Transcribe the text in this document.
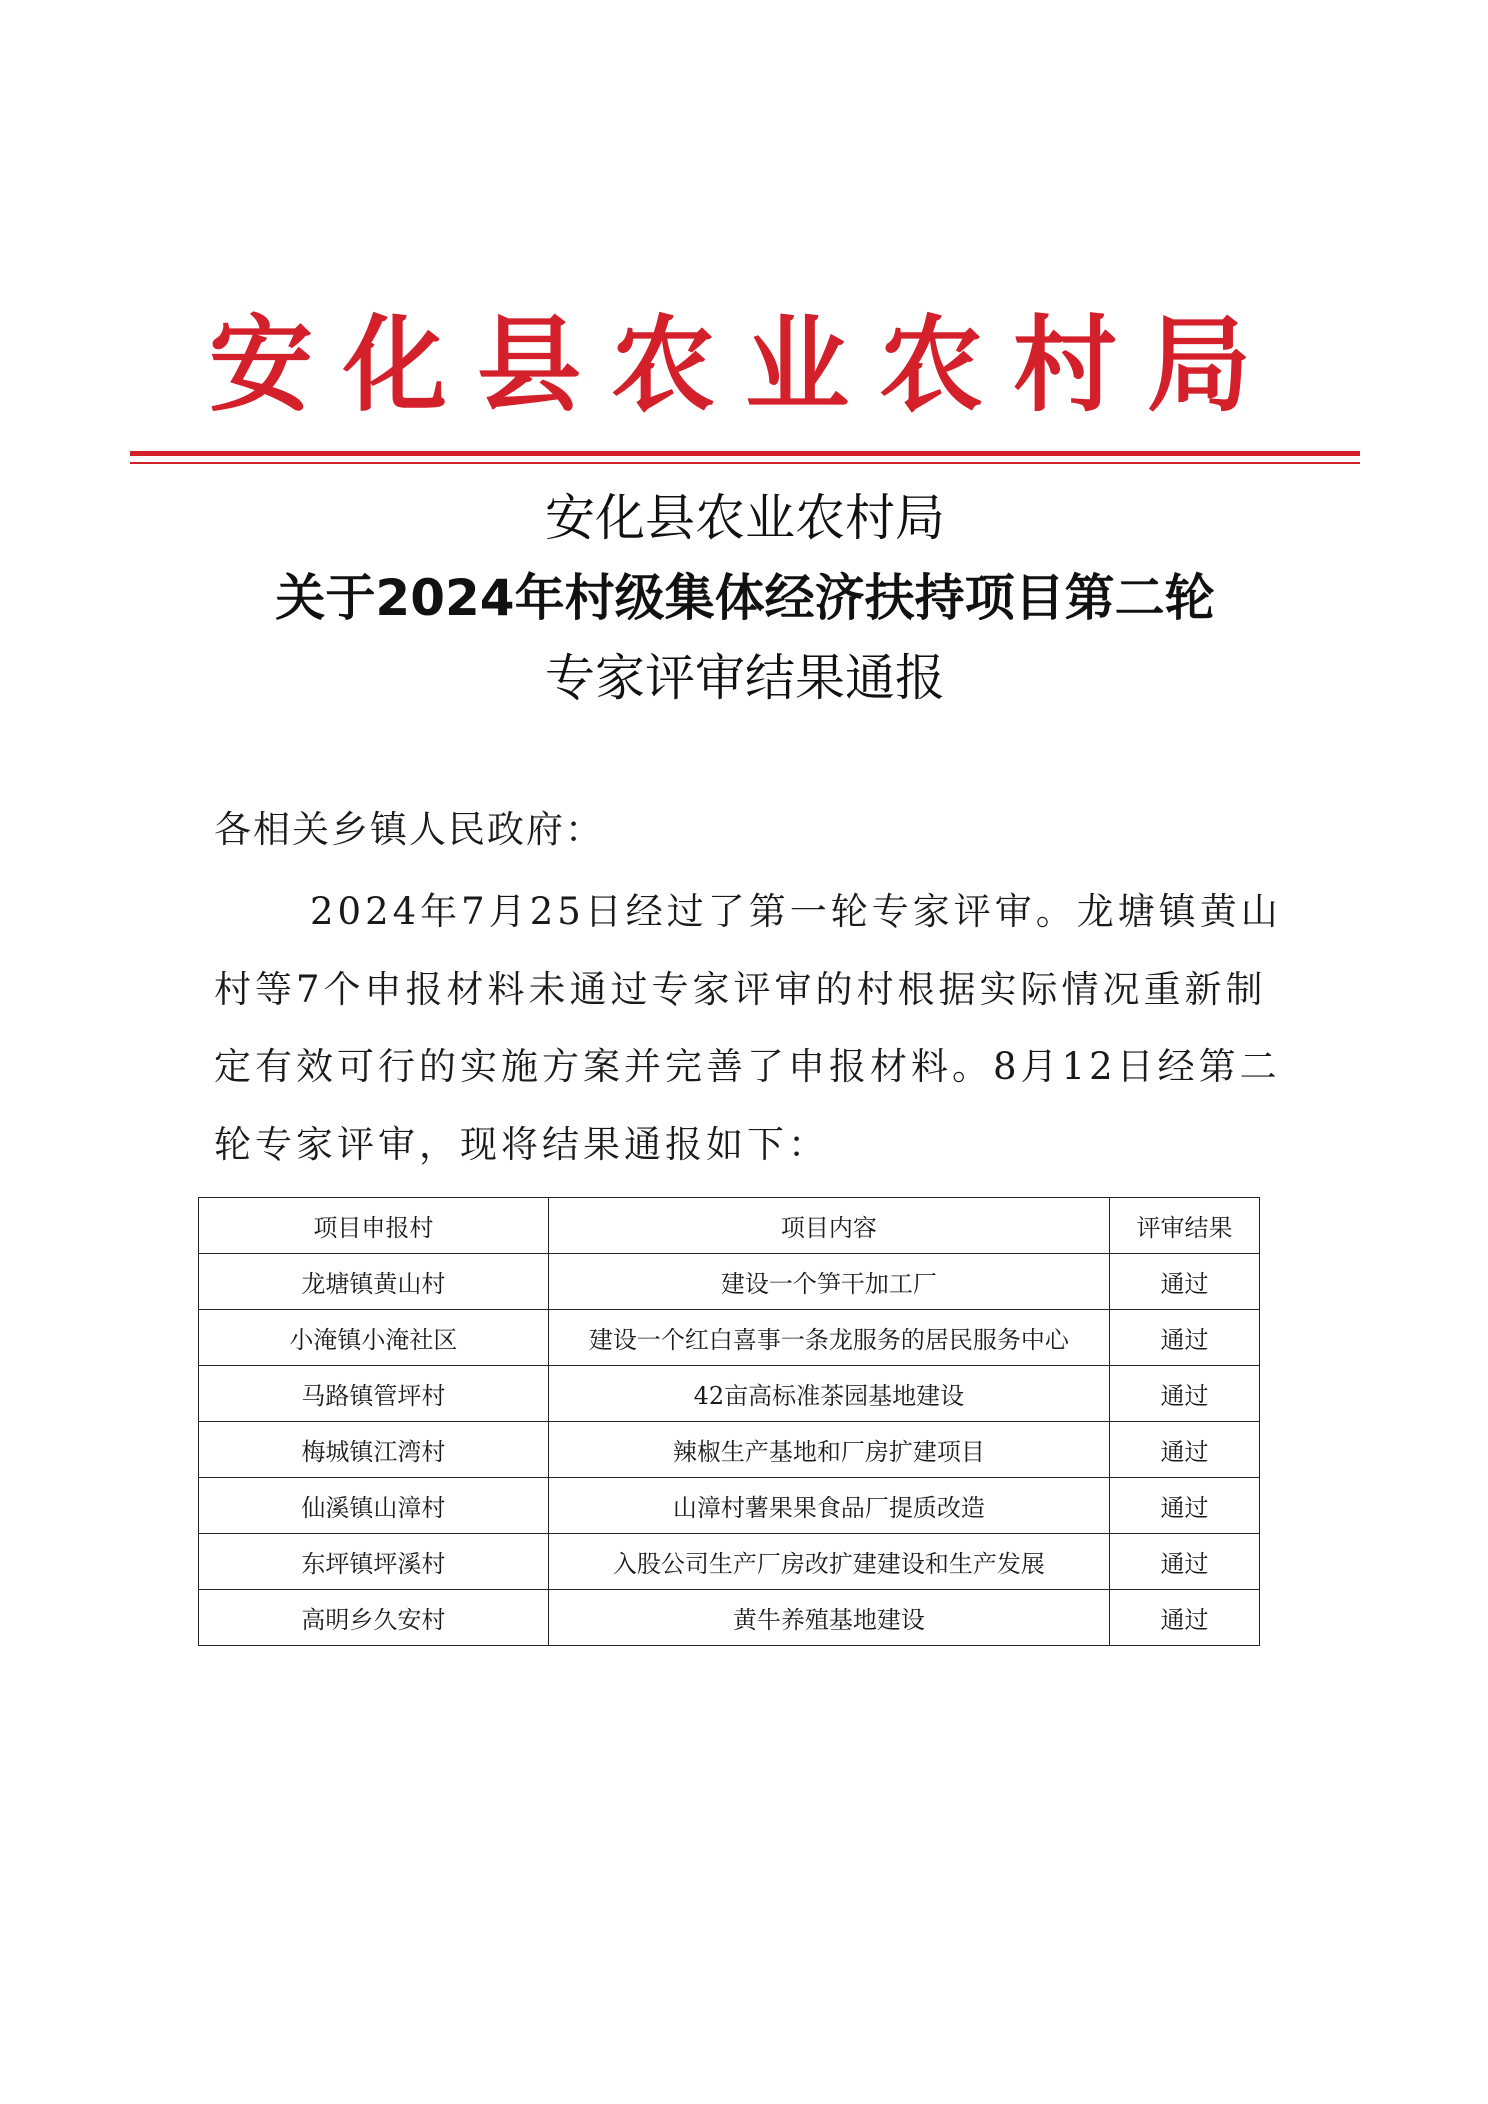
安化县农业农村局
安化县农业农村局
关于2024年村级集体经济扶持项目第二轮
专家评审结果通报
各相关乡镇人民政府：
2024年7月25日经过了第一轮专家评审。龙塘镇黄山
村等7个申报材料未通过专家评审的村根据实际情况重新制
定有效可行的实施方案并完善了申报材料。8月12日经第二
轮专家评审，现将结果通报如下：
项目申报村	项目内容	评审结果
龙塘镇黄山村	建设一个笋干加工厂	通过
小淹镇小淹社区	建设一个红白喜事一条龙服务的居民服务中心	通过
马路镇管坪村	42亩高标准茶园基地建设	通过
梅城镇江湾村	辣椒生产基地和厂房扩建项目	通过
仙溪镇山漳村	山漳村薯果果食品厂提质改造	通过
东坪镇坪溪村	入股公司生产厂房改扩建建设和生产发展	通过
高明乡久安村	黄牛养殖基地建设	通过
